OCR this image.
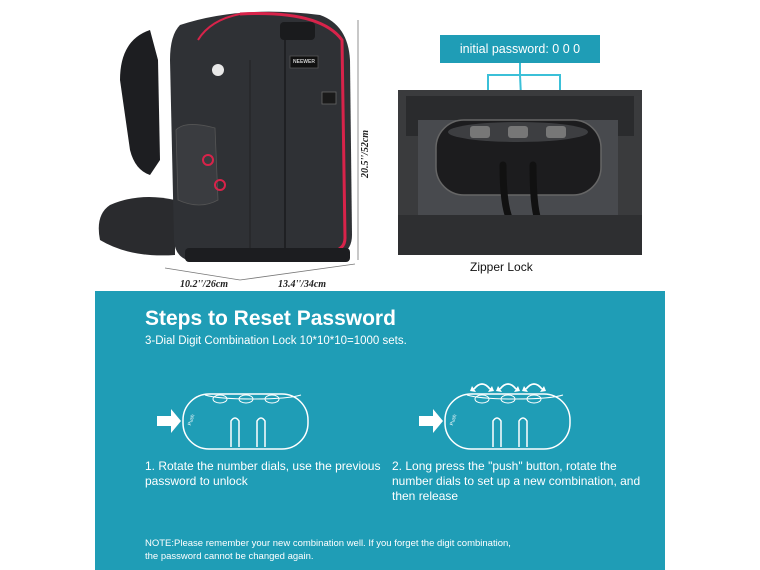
NEEWER
20.5''/52cm
10.2''/26cm	13.4''/34cm
initial password: 0 0 0
Zipper Lock
Steps to Reset Password
3-Dial Digit Combination Lock 10*10*10=1000 sets.
Push	Push
1. Rotate the number dials, use the previous password to unlock
2. Long press the "push" button, rotate the number dials to set up a new combination, and then release
NOTE:Please remember your new combination well. If you forget the digit combination,
the password cannot be changed again.
